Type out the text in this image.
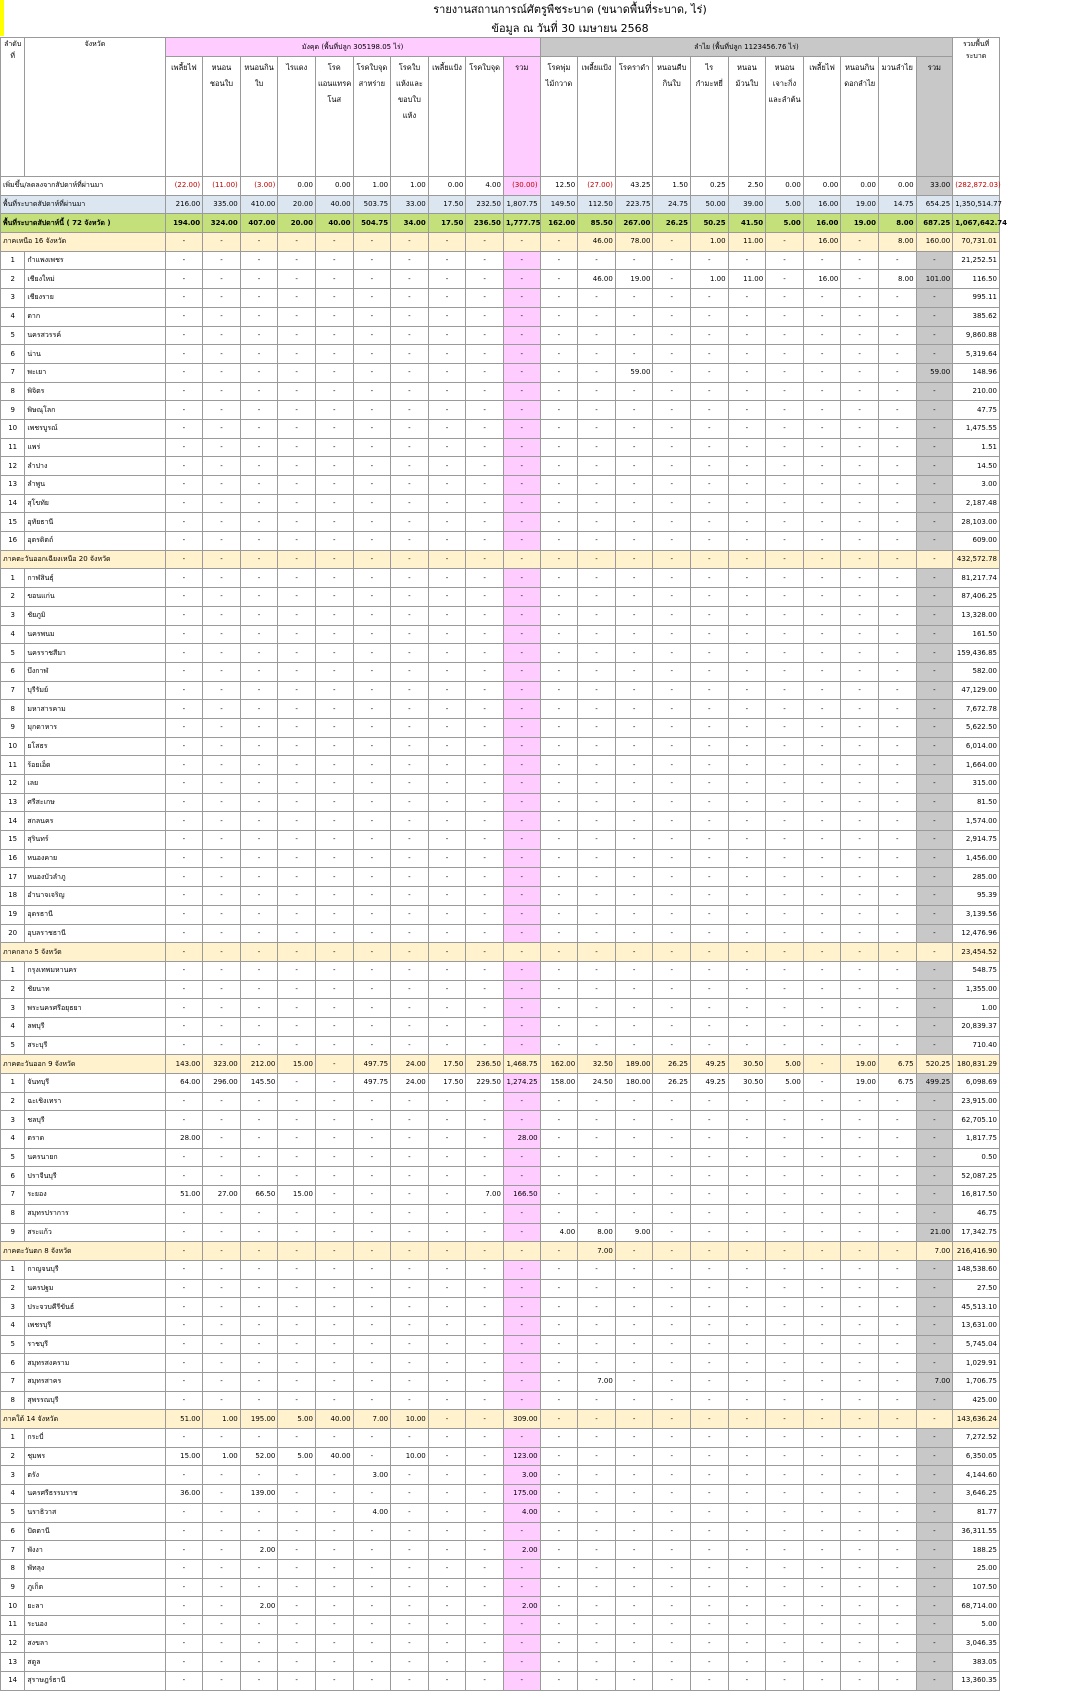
รายงานสถานการณ์ศัตรูพืชระบาด (ขนาดพื้นที่ระบาด, ไร่)
ข้อมูล ณ วันที่ 30 เมษายน 2568
ลำดับที่	จังหวัด	มังคุด (พื้นที่ปลูก 305198.05 ไร่)										ลำไย (พื้นที่ปลูก 1123456.76 ไร่)											รวมพื้นที่ระบาด
		เพลี้ยไฟ	หนอนชอนใบ	หนอนกินใบ	ไรแดง	โรคแอนแทรคโนส	โรคใบจุดสาหร่าย	โรคใบแห้งและขอบใบแห้ง	เพลี้ยแป้ง	โรคใบจุด	รวม	โรคพุ่มไม้กวาด	เพลี้ยแป้ง	โรคราดำ	หนอนคืบกินใบ	ไรกำมะหยี่	หนอนม้วนใบ	หนอนเจาะกิ่งและลำต้น	เพลี้ยไฟ	หนอนกินดอกลำไย	มวนลำไย	รวม	
เพิ่มขึ้น/ลดลงจากสัปดาห์ที่ผ่านมา		(22.00)	(11.00)	(3.00)	0.00	0.00	1.00	1.00	0.00	4.00	(30.00)	12.50	(27.00)	43.25	1.50	0.25	2.50	0.00	0.00	0.00	0.00	33.00	(282,872.03)
พื้นที่ระบาดสัปดาห์ที่ผ่านมา		216.00	335.00	410.00	20.00	40.00	503.75	33.00	17.50	232.50	1,807.75	149.50	112.50	223.75	24.75	50.00	39.00	5.00	16.00	19.00	14.75	654.25	1,350,514.77
พื้นที่ระบาดสัปดาห์นี้ ( 72 จังหวัด )		194.00	324.00	407.00	20.00	40.00	504.75	34.00	17.50	236.50	1,777.75	162.00	85.50	267.00	26.25	50.25	41.50	5.00	16.00	19.00	8.00	687.25	1,067,642.74
ภาคเหนือ 16 จังหวัด		-	-	-	-	-	-	-	-	-	-	-	46.00	78.00	-	1.00	11.00	-	16.00	-	8.00	160.00	70,731.01
1	กำแพงเพชร	-	-	-	-	-	-	-	-	-	-	-	-	-	-	-	-	-	-	-	-	-	21,252.51
2	เชียงใหม่	-	-	-	-	-	-	-	-	-	-	-	46.00	19.00	-	1.00	11.00	-	16.00	-	8.00	101.00	116.50
3	เชียงราย	-	-	-	-	-	-	-	-	-	-	-	-	-	-	-	-	-	-	-	-	-	995.11
4	ตาก	-	-	-	-	-	-	-	-	-	-	-	-	-	-	-	-	-	-	-	-	-	385.62
5	นครสวรรค์	-	-	-	-	-	-	-	-	-	-	-	-	-	-	-	-	-	-	-	-	-	9,860.88
6	น่าน	-	-	-	-	-	-	-	-	-	-	-	-	-	-	-	-	-	-	-	-	-	5,319.64
7	พะเยา	-	-	-	-	-	-	-	-	-	-	-	-	59.00	-	-	-	-	-	-	-	59.00	148.96
8	พิจิตร	-	-	-	-	-	-	-	-	-	-	-	-	-	-	-	-	-	-	-	-	-	210.00
9	พิษณุโลก	-	-	-	-	-	-	-	-	-	-	-	-	-	-	-	-	-	-	-	-	-	47.75
10	เพชรบูรณ์	-	-	-	-	-	-	-	-	-	-	-	-	-	-	-	-	-	-	-	-	-	1,475.55
11	แพร่	-	-	-	-	-	-	-	-	-	-	-	-	-	-	-	-	-	-	-	-	-	1.51
12	ลำปาง	-	-	-	-	-	-	-	-	-	-	-	-	-	-	-	-	-	-	-	-	-	14.50
13	ลำพูน	-	-	-	-	-	-	-	-	-	-	-	-	-	-	-	-	-	-	-	-	-	3.00
14	สุโขทัย	-	-	-	-	-	-	-	-	-	-	-	-	-	-	-	-	-	-	-	-	-	2,187.48
15	อุทัยธานี	-	-	-	-	-	-	-	-	-	-	-	-	-	-	-	-	-	-	-	-	-	28,103.00
16	อุตรดิตถ์	-	-	-	-	-	-	-	-	-	-	-	-	-	-	-	-	-	-	-	-	-	609.00
ภาคตะวันออกเฉียงเหนือ 20 จังหวัด		-	-	-	-	-	-	-	-	-	-	-	-	-	-	-	-	-	-	-	-	-	432,572.78
1	กาฬสินธุ์	-	-	-	-	-	-	-	-	-	-	-	-	-	-	-	-	-	-	-	-	-	81,217.74
2	ขอนแก่น	-	-	-	-	-	-	-	-	-	-	-	-	-	-	-	-	-	-	-	-	-	87,406.25
3	ชัยภูมิ	-	-	-	-	-	-	-	-	-	-	-	-	-	-	-	-	-	-	-	-	-	13,328.00
4	นครพนม	-	-	-	-	-	-	-	-	-	-	-	-	-	-	-	-	-	-	-	-	-	161.50
5	นครราชสีมา	-	-	-	-	-	-	-	-	-	-	-	-	-	-	-	-	-	-	-	-	-	159,436.85
6	บึงกาฬ	-	-	-	-	-	-	-	-	-	-	-	-	-	-	-	-	-	-	-	-	-	582.00
7	บุรีรัมย์	-	-	-	-	-	-	-	-	-	-	-	-	-	-	-	-	-	-	-	-	-	47,129.00
8	มหาสารคาม	-	-	-	-	-	-	-	-	-	-	-	-	-	-	-	-	-	-	-	-	-	7,672.78
9	มุกดาหาร	-	-	-	-	-	-	-	-	-	-	-	-	-	-	-	-	-	-	-	-	-	5,622.50
10	ยโสธร	-	-	-	-	-	-	-	-	-	-	-	-	-	-	-	-	-	-	-	-	-	6,014.00
11	ร้อยเอ็ด	-	-	-	-	-	-	-	-	-	-	-	-	-	-	-	-	-	-	-	-	-	1,664.00
12	เลย	-	-	-	-	-	-	-	-	-	-	-	-	-	-	-	-	-	-	-	-	-	315.00
13	ศรีสะเกษ	-	-	-	-	-	-	-	-	-	-	-	-	-	-	-	-	-	-	-	-	-	81.50
14	สกลนคร	-	-	-	-	-	-	-	-	-	-	-	-	-	-	-	-	-	-	-	-	-	1,574.00
15	สุรินทร์	-	-	-	-	-	-	-	-	-	-	-	-	-	-	-	-	-	-	-	-	-	2,914.75
16	หนองคาย	-	-	-	-	-	-	-	-	-	-	-	-	-	-	-	-	-	-	-	-	-	1,456.00
17	หนองบัวลำภู	-	-	-	-	-	-	-	-	-	-	-	-	-	-	-	-	-	-	-	-	-	285.00
18	อำนาจเจริญ	-	-	-	-	-	-	-	-	-	-	-	-	-	-	-	-	-	-	-	-	-	95.39
19	อุดรธานี	-	-	-	-	-	-	-	-	-	-	-	-	-	-	-	-	-	-	-	-	-	3,139.56
20	อุบลราชธานี	-	-	-	-	-	-	-	-	-	-	-	-	-	-	-	-	-	-	-	-	-	12,476.96
ภาคกลาง 5 จังหวัด		-	-	-	-	-	-	-	-	-	-	-	-	-	-	-	-	-	-	-	-	-	23,454.52
1	กรุงเทพมหานคร	-	-	-	-	-	-	-	-	-	-	-	-	-	-	-	-	-	-	-	-	-	548.75
2	ชัยนาท	-	-	-	-	-	-	-	-	-	-	-	-	-	-	-	-	-	-	-	-	-	1,355.00
3	พระนครศรีอยุธยา	-	-	-	-	-	-	-	-	-	-	-	-	-	-	-	-	-	-	-	-	-	1.00
4	ลพบุรี	-	-	-	-	-	-	-	-	-	-	-	-	-	-	-	-	-	-	-	-	-	20,839.37
5	สระบุรี	-	-	-	-	-	-	-	-	-	-	-	-	-	-	-	-	-	-	-	-	-	710.40
ภาคตะวันออก 9 จังหวัด		143.00	323.00	212.00	15.00	-	497.75	24.00	17.50	236.50	1,468.75	162.00	32.50	189.00	26.25	49.25	30.50	5.00	-	19.00	6.75	520.25	180,831.29
1	จันทบุรี	64.00	296.00	145.50	-	-	497.75	24.00	17.50	229.50	1,274.25	158.00	24.50	180.00	26.25	49.25	30.50	5.00	-	19.00	6.75	499.25	6,098.69
2	ฉะเชิงเทรา	-	-	-	-	-	-	-	-	-	-	-	-	-	-	-	-	-	-	-	-	-	23,915.00
3	ชลบุรี	-	-	-	-	-	-	-	-	-	-	-	-	-	-	-	-	-	-	-	-	-	62,705.10
4	ตราด	28.00	-	-	-	-	-	-	-	-	28.00	-	-	-	-	-	-	-	-	-	-	-	1,817.75
5	นครนายก	-	-	-	-	-	-	-	-	-	-	-	-	-	-	-	-	-	-	-	-	-	0.50
6	ปราจีนบุรี	-	-	-	-	-	-	-	-	-	-	-	-	-	-	-	-	-	-	-	-	-	52,087.25
7	ระยอง	51.00	27.00	66.50	15.00	-	-	-	-	7.00	166.50	-	-	-	-	-	-	-	-	-	-	-	16,817.50
8	สมุทรปราการ	-	-	-	-	-	-	-	-	-	-	-	-	-	-	-	-	-	-	-	-	-	46.75
9	สระแก้ว	-	-	-	-	-	-	-	-	-	-	4.00	8.00	9.00	-	-	-	-	-	-	-	21.00	17,342.75
ภาคตะวันตก 8 จังหวัด		-	-	-	-	-	-	-	-	-	-	-	7.00	-	-	-	-	-	-	-	-	7.00	216,416.90
1	กาญจนบุรี	-	-	-	-	-	-	-	-	-	-	-	-	-	-	-	-	-	-	-	-	-	148,538.60
2	นครปฐม	-	-	-	-	-	-	-	-	-	-	-	-	-	-	-	-	-	-	-	-	-	27.50
3	ประจวบคีรีขันธ์	-	-	-	-	-	-	-	-	-	-	-	-	-	-	-	-	-	-	-	-	-	45,513.10
4	เพชรบุรี	-	-	-	-	-	-	-	-	-	-	-	-	-	-	-	-	-	-	-	-	-	13,631.00
5	ราชบุรี	-	-	-	-	-	-	-	-	-	-	-	-	-	-	-	-	-	-	-	-	-	5,745.04
6	สมุทรสงคราม	-	-	-	-	-	-	-	-	-	-	-	-	-	-	-	-	-	-	-	-	-	1,029.91
7	สมุทรสาคร	-	-	-	-	-	-	-	-	-	-	-	7.00	-	-	-	-	-	-	-	-	7.00	1,706.75
8	สุพรรณบุรี	-	-	-	-	-	-	-	-	-	-	-	-	-	-	-	-	-	-	-	-	-	425.00
ภาคใต้ 14 จังหวัด		51.00	1.00	195.00	5.00	40.00	7.00	10.00	-	-	309.00	-	-	-	-	-	-	-	-	-	-	-	143,636.24
1	กระบี่	-	-	-	-	-	-	-	-	-	-	-	-	-	-	-	-	-	-	-	-	-	7,272.52
2	ชุมพร	15.00	1.00	52.00	5.00	40.00	-	10.00	-	-	123.00	-	-	-	-	-	-	-	-	-	-	-	6,350.05
3	ตรัง	-	-	-	-	-	3.00	-	-	-	3.00	-	-	-	-	-	-	-	-	-	-	-	4,144.60
4	นครศรีธรรมราช	36.00	-	139.00	-	-	-	-	-	-	175.00	-	-	-	-	-	-	-	-	-	-	-	3,646.25
5	นราธิวาส	-	-	-	-	-	4.00	-	-	-	4.00	-	-	-	-	-	-	-	-	-	-	-	81.77
6	ปัตตานี	-	-	-	-	-	-	-	-	-	-	-	-	-	-	-	-	-	-	-	-	-	36,311.55
7	พังงา	-	-	2.00	-	-	-	-	-	-	2.00	-	-	-	-	-	-	-	-	-	-	-	188.25
8	พัทลุง	-	-	-	-	-	-	-	-	-	-	-	-	-	-	-	-	-	-	-	-	-	25.00
9	ภูเก็ต	-	-	-	-	-	-	-	-	-	-	-	-	-	-	-	-	-	-	-	-	-	107.50
10	ยะลา	-	-	2.00	-	-	-	-	-	-	2.00	-	-	-	-	-	-	-	-	-	-	-	68,714.00
11	ระนอง	-	-	-	-	-	-	-	-	-	-	-	-	-	-	-	-	-	-	-	-	-	5.00
12	สงขลา	-	-	-	-	-	-	-	-	-	-	-	-	-	-	-	-	-	-	-	-	-	3,046.35
13	สตูล	-	-	-	-	-	-	-	-	-	-	-	-	-	-	-	-	-	-	-	-	-	383.05
14	สุราษฎร์ธานี	-	-	-	-	-	-	-	-	-	-	-	-	-	-	-	-	-	-	-	-	-	13,360.35
